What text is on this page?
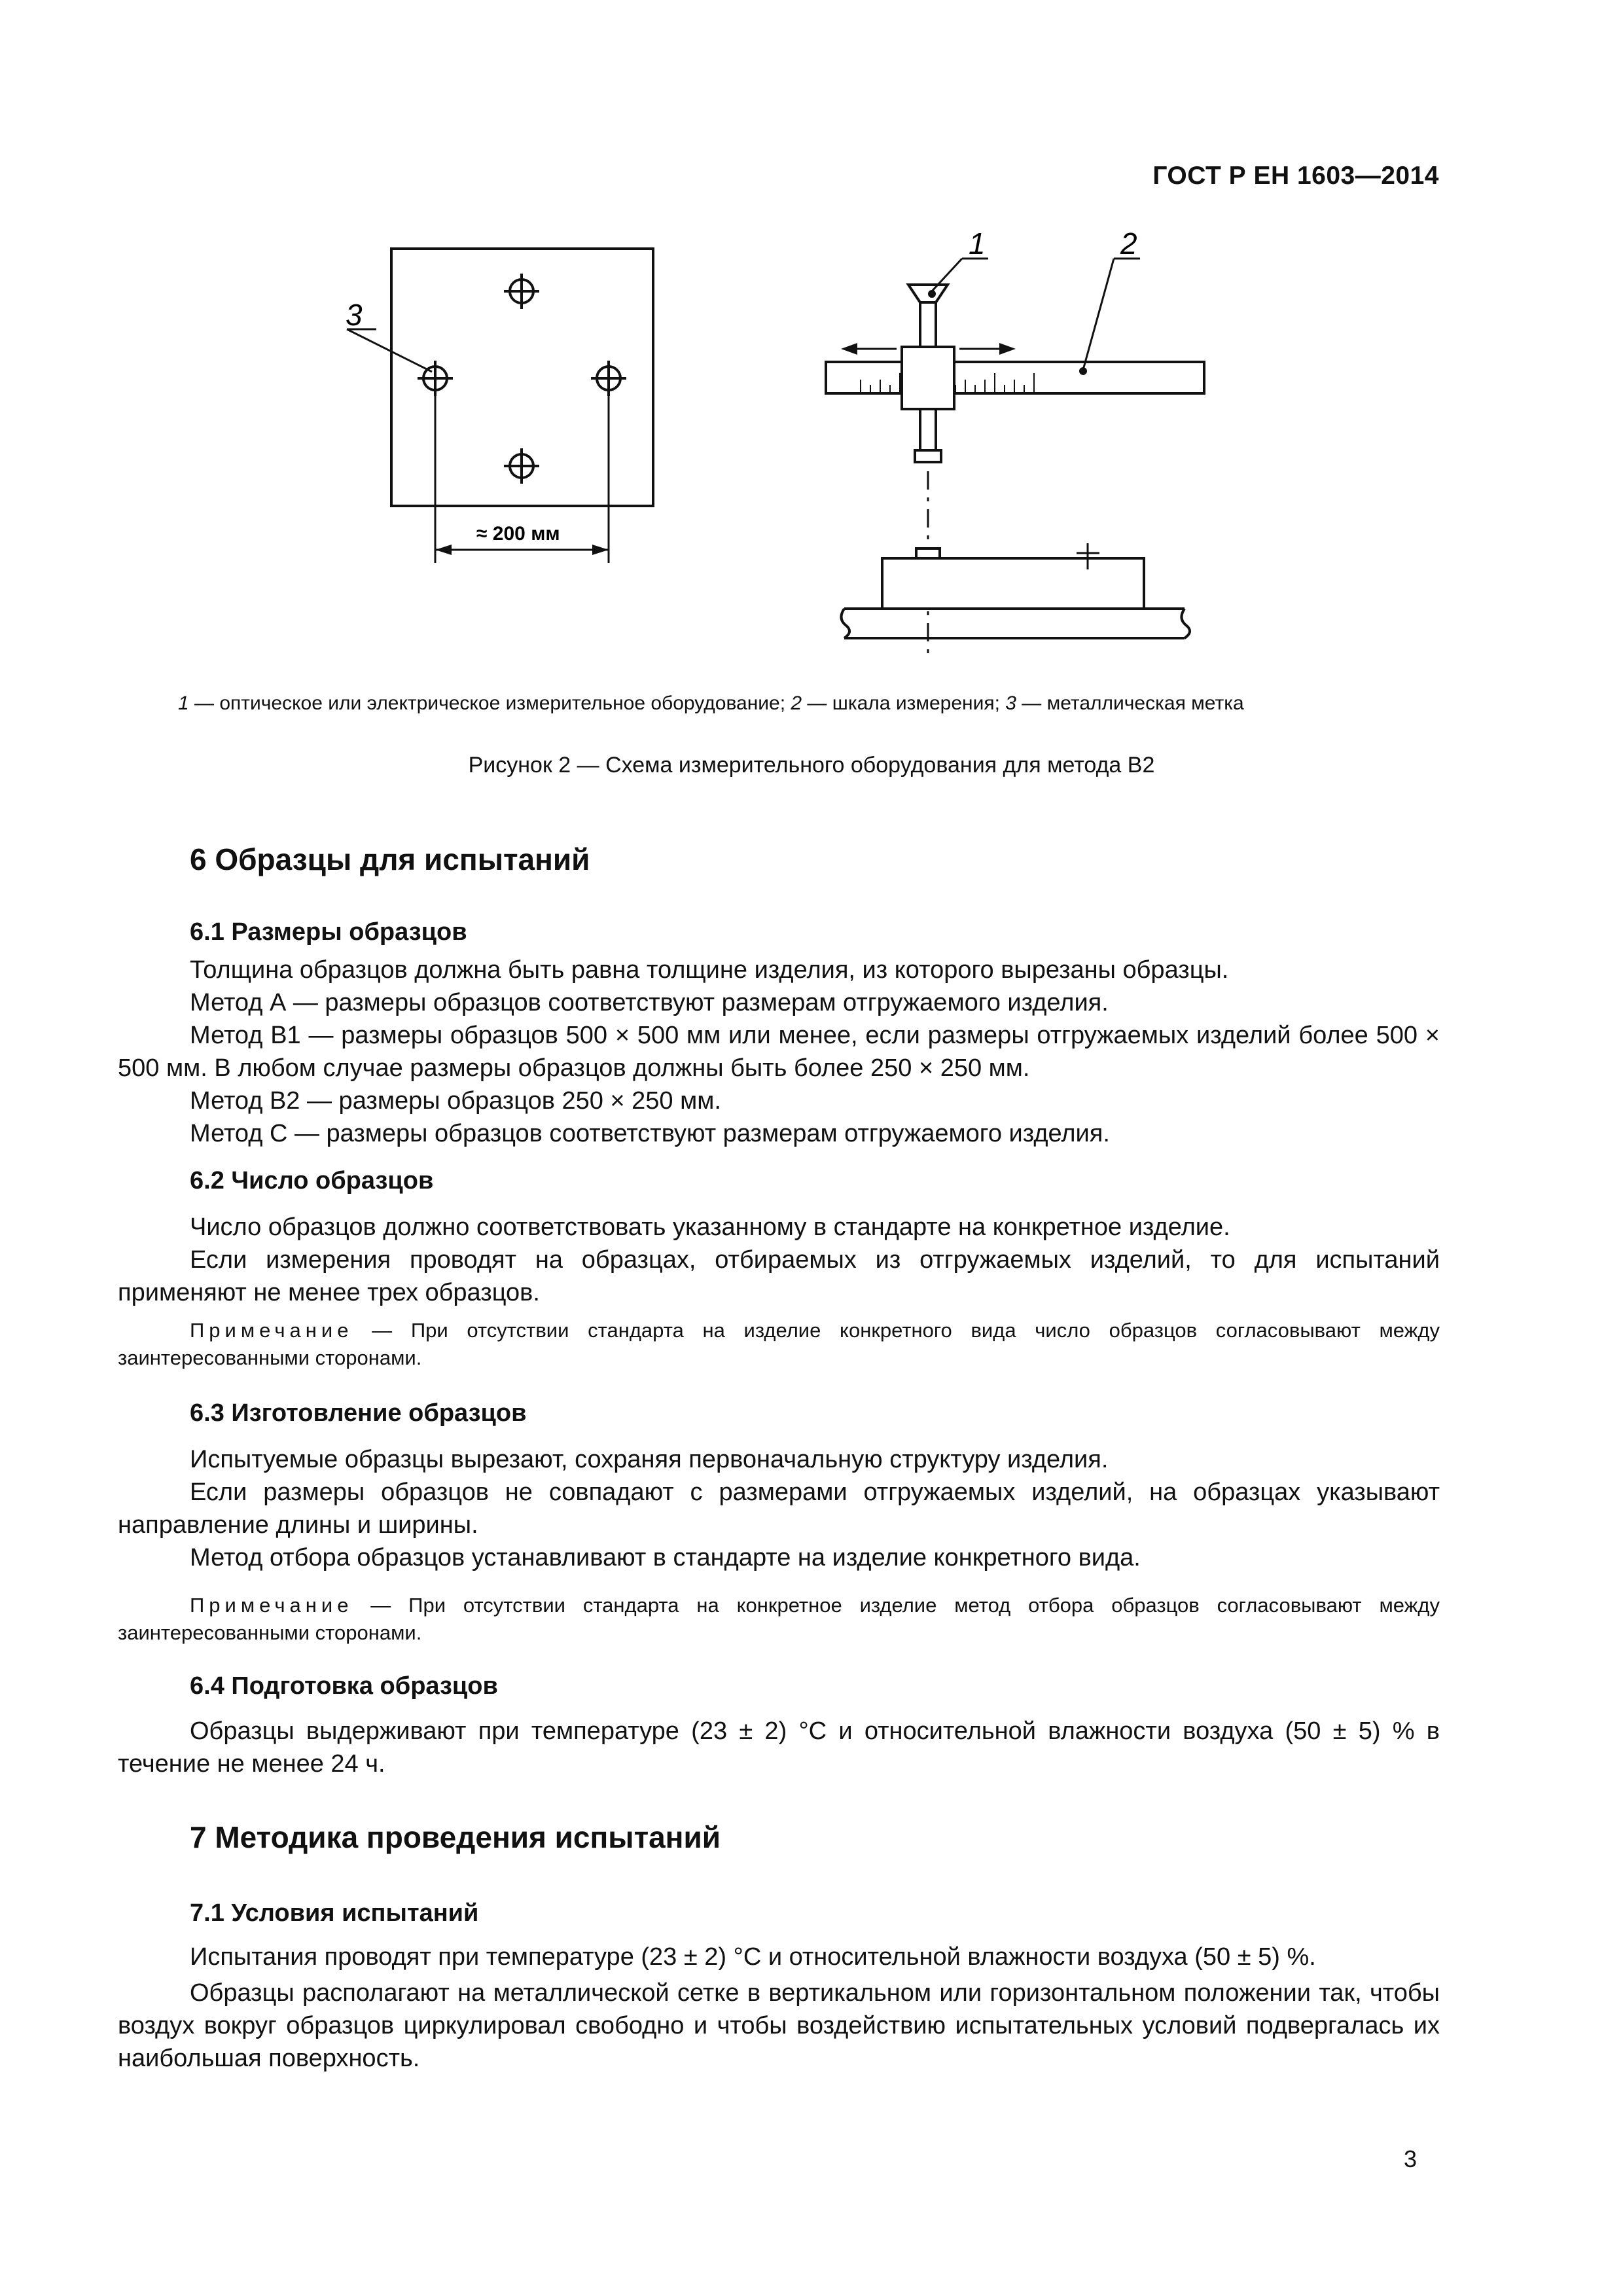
ГОСТ Р ЕН 1603—2014
3
1	2
≈ 200 мм
1 — оптическое или электрическое измерительное оборудование; 2 — шкала измерения; 3 — металлическая метка
Рисунок 2 — Схема измерительного оборудования для метода В2
6 Образцы для испытаний
6.1 Размеры образцов
Толщина образцов должна быть равна толщине изделия, из которого вырезаны образцы.
Метод А — размеры образцов соответствуют размерам отгружаемого изделия.
Метод В1 — размеры образцов 500 × 500 мм или менее, если размеры отгружаемых изделий более 500 × 500 мм. В любом случае размеры образцов должны быть более 250 × 250 мм.
Метод В2 — размеры образцов 250 × 250 мм.
Метод С — размеры образцов соответствуют размерам отгружаемого изделия.
6.2 Число образцов
Число образцов должно соответствовать указанному в стандарте на конкретное изделие.
Если измерения проводят на образцах, отбираемых из отгружаемых изделий, то для испытаний применяют не менее трех образцов.
Примечание — При отсутствии стандарта на изделие конкретного вида число образцов согласовывают между заинтересованными сторонами.
6.3 Изготовление образцов
Испытуемые образцы вырезают, сохраняя первоначальную структуру изделия.
Если размеры образцов не совпадают с размерами отгружаемых изделий, на образцах указывают направление длины и ширины.
Метод отбора образцов устанавливают в стандарте на изделие конкретного вида.
Примечание — При отсутствии стандарта на конкретное изделие метод отбора образцов согласовывают между заинтересованными сторонами.
6.4 Подготовка образцов
Образцы выдерживают при температуре (23 ± 2) °С и относительной влажности воздуха (50 ± 5) % в течение не менее 24 ч.
7 Методика проведения испытаний
7.1 Условия испытаний
Испытания проводят при температуре (23 ± 2) °С и относительной влажности воздуха (50 ± 5) %.
Образцы располагают на металлической сетке в вертикальном или горизонтальном положении так, чтобы воздух вокруг образцов циркулировал свободно и чтобы воздействию испытательных условий подвергалась их наибольшая поверхность.
3
